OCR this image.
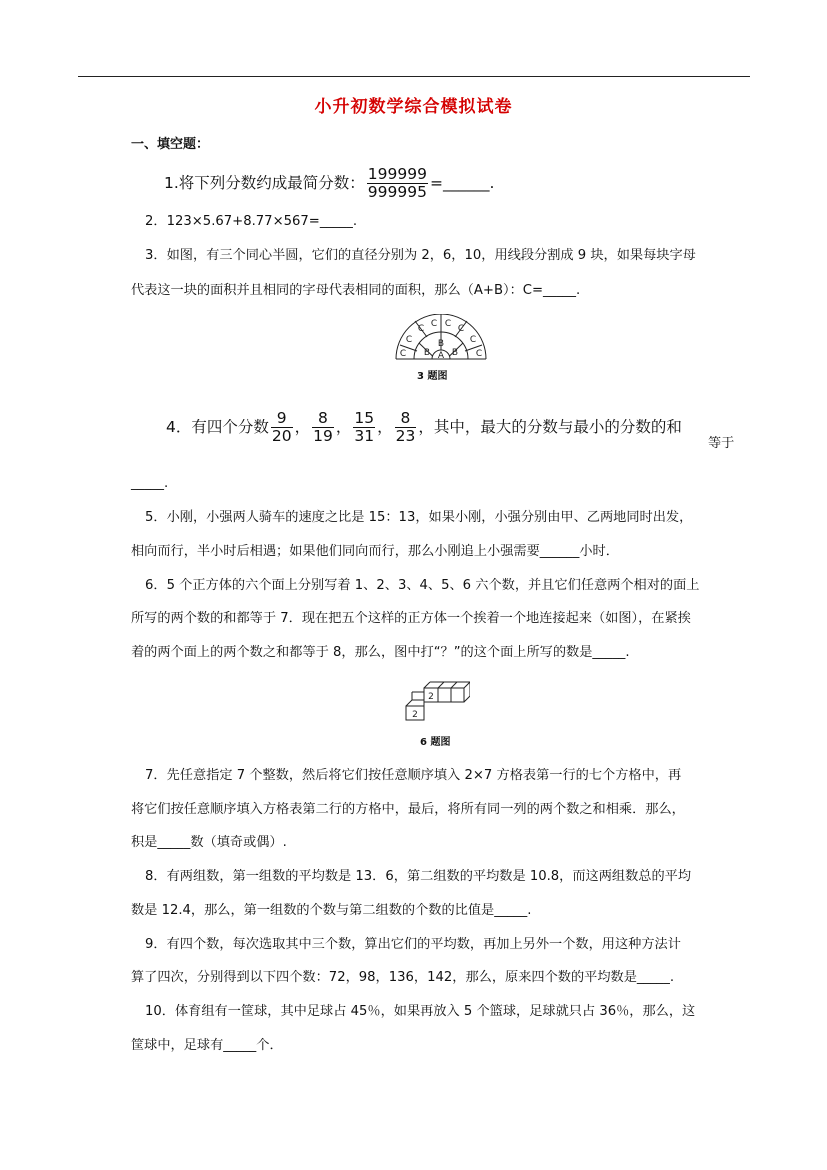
小升初数学综合模拟试卷
一、填空题：
1.将下列分数约成最简分数： $\frac{199999}{999995}$ =______.
2．123×5.67+8.77×567=_____.
3．如图，有三个同心半圆，它们的直径分别为 2，6，10，用线段分割成 9 块，如果每块字母
代表这一块的面积并且相同的字母代表相同的面积，那么（A+B）：C=_____.
A
B
B
B
C
C
C C C C
C
C
3 题图
4．有四个分数 $\frac{9}{20}$ ， $\frac{8}{19}$ ， $\frac{15}{31}$ ， $\frac{8}{23}$ ，其中，最大的分数与最小的分数的和
等于
_____.
5．小刚，小强两人骑车的速度之比是 15：13，如果小刚，小强分别由甲、乙两地同时出发，
相向而行，半小时后相遇；如果他们同向而行，那么小刚追上小强需要______小时．
6．5 个正方体的六个面上分别写着 1、2、3、4、5、6 六个数，并且它们任意两个相对的面上
所写的两个数的和都等于 7．现在把五个这样的正方体一个挨着一个地连接起来（如图），在紧挨
着的两个面上的两个数之和都等于 8，那么，图中打“？”的这个面上所写的数是_____.
2
2
6 题图
7．先任意指定 7 个整数，然后将它们按任意顺序填入 2×7 方格表第一行的七个方格中，再
将它们按任意顺序填入方格表第二行的方格中，最后，将所有同一列的两个数之和相乘．那么，
积是_____数（填奇或偶）.
8．有两组数，第一组数的平均数是 13．6，第二组数的平均数是 10.8，而这两组数总的平均
数是 12.4，那么，第一组数的个数与第二组数的个数的比值是_____.
9．有四个数，每次选取其中三个数，算出它们的平均数，再加上另外一个数，用这种方法计
算了四次，分别得到以下四个数：72，98，136，142，那么，原来四个数的平均数是_____.
10．体育组有一筐球，其中足球占 45％，如果再放入 5 个篮球，足球就只占 36％，那么，这
筐球中，足球有_____个．
